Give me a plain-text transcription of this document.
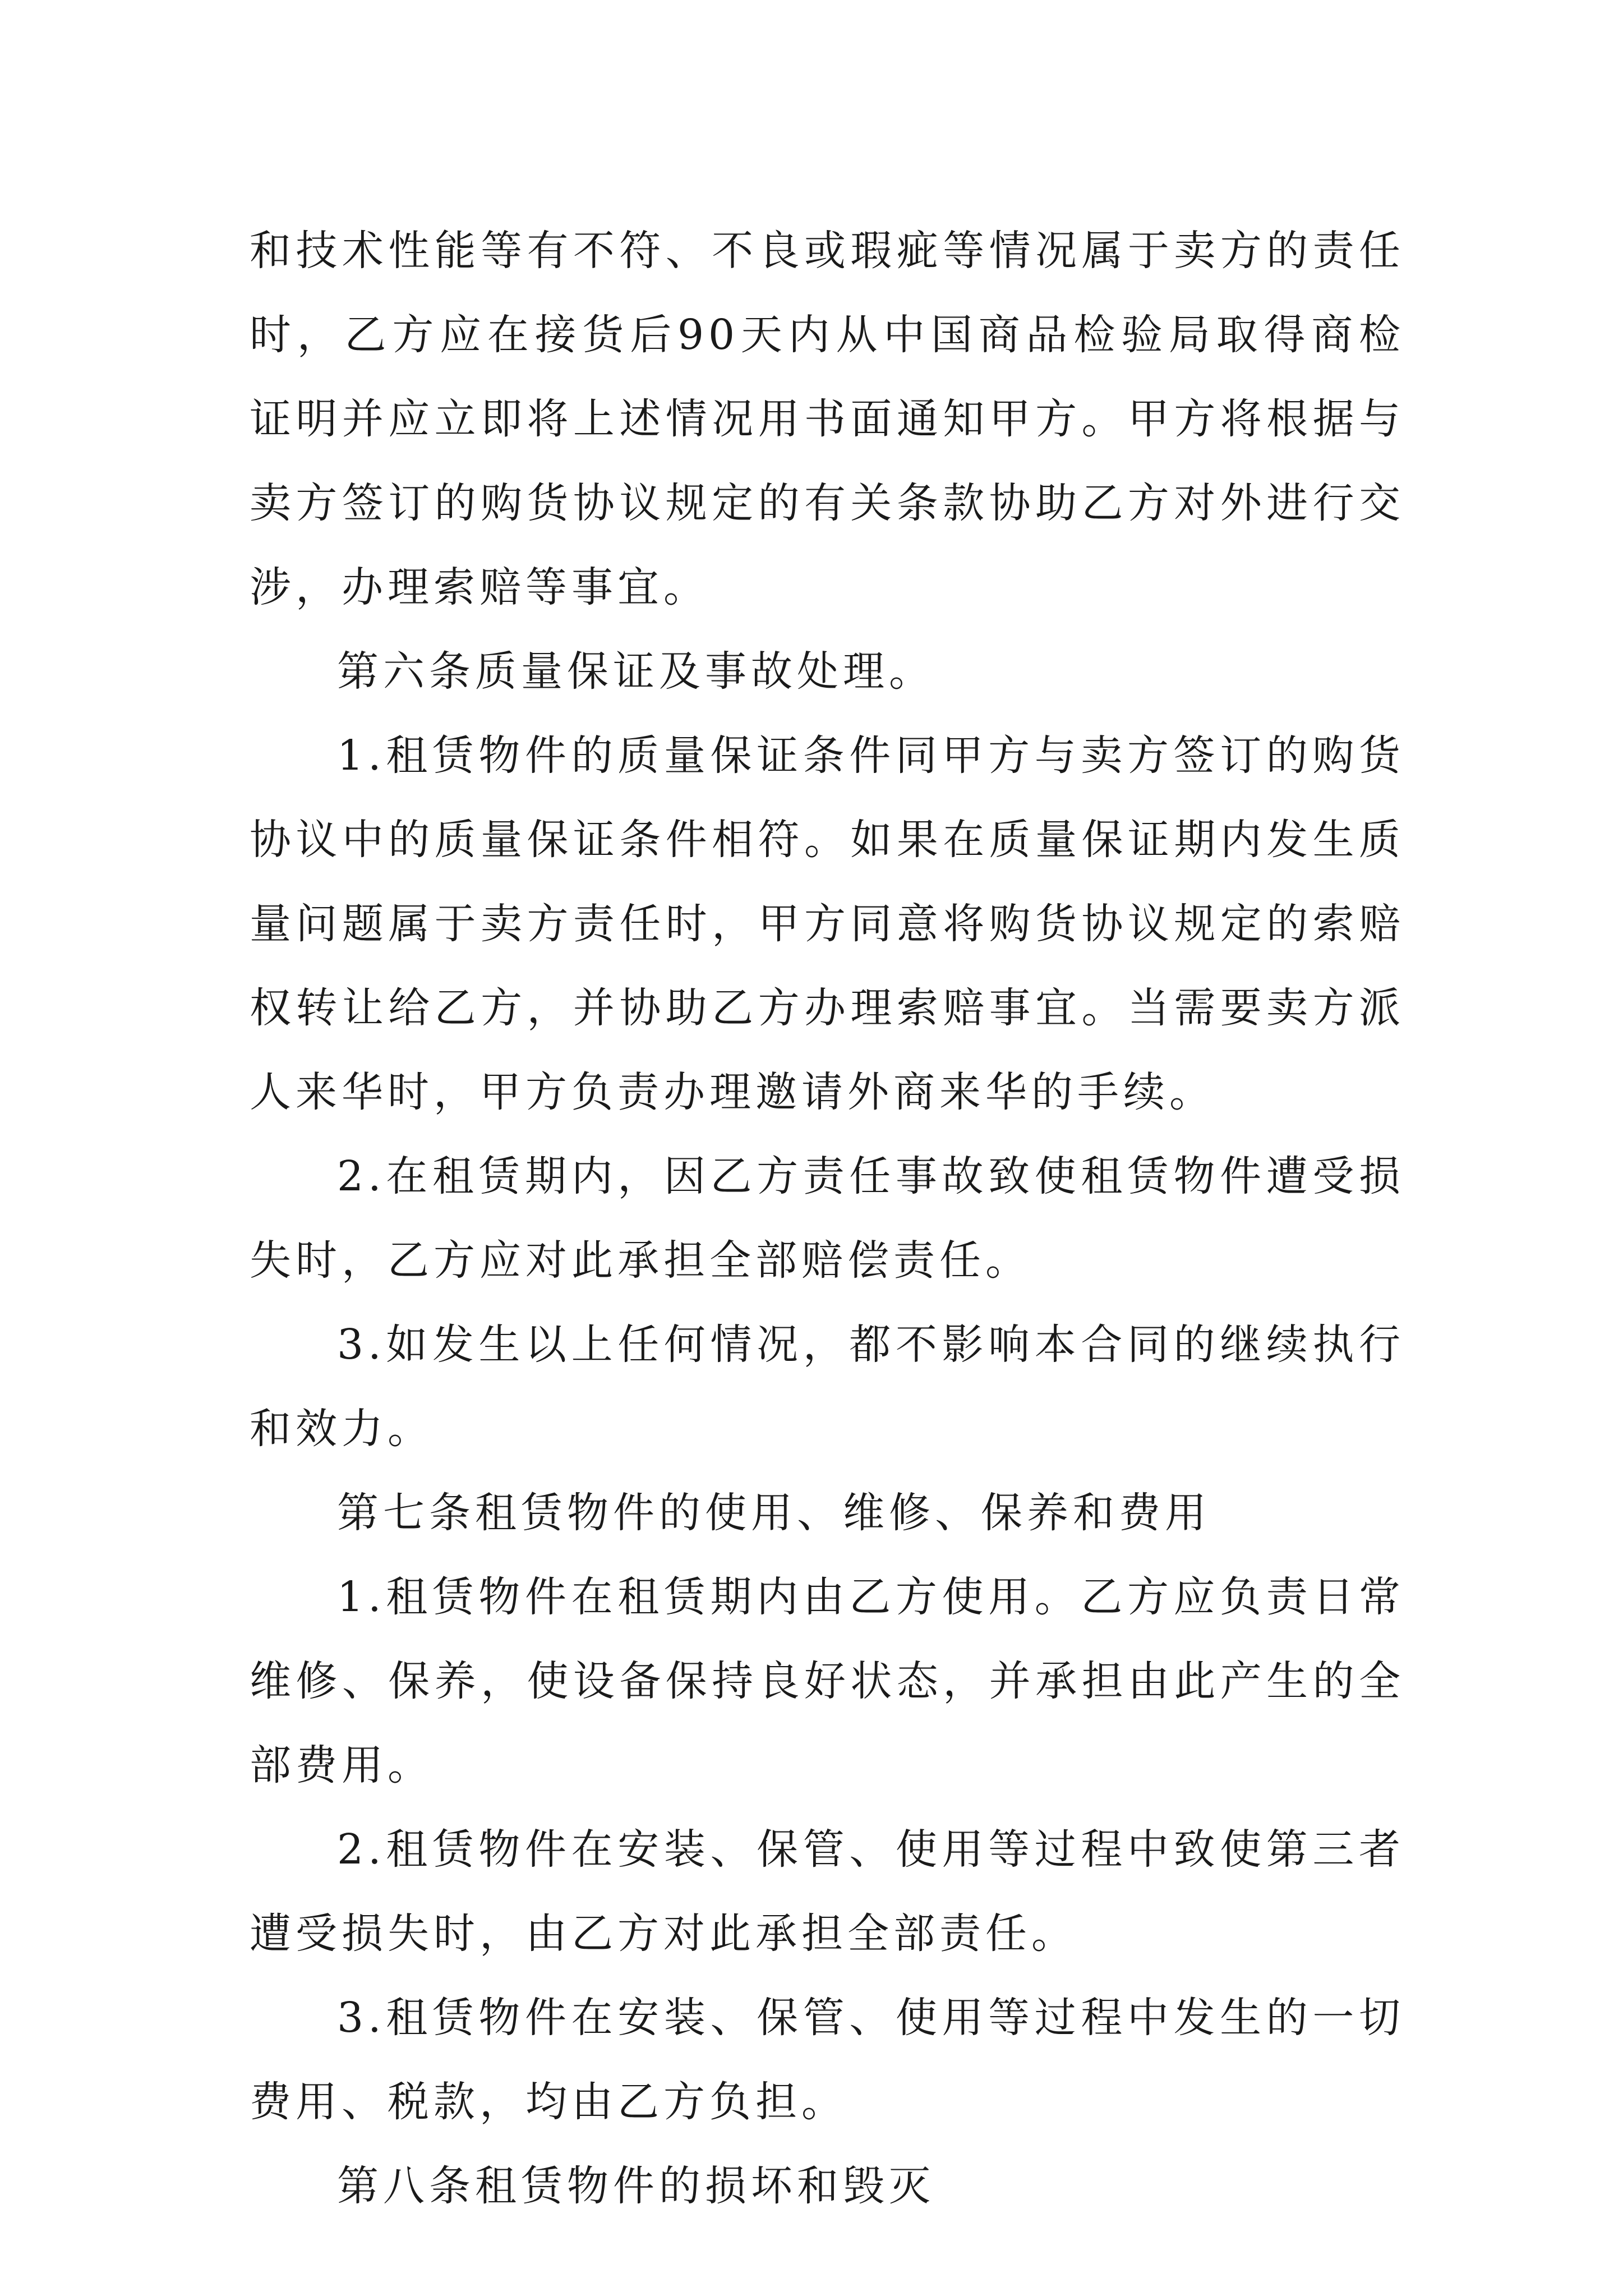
和技术性能等有不符、不良或瑕疵等情况属于卖方的责任时，乙方应在接货后90天内从中国商品检验局取得商检证明并应立即将上述情况用书面通知甲方。甲方将根据与卖方签订的购货协议规定的有关条款协助乙方对外进行交涉，办理索赔等事宜。

第六条质量保证及事故处理。

1.租赁物件的质量保证条件同甲方与卖方签订的购货协议中的质量保证条件相符。如果在质量保证期内发生质量问题属于卖方责任时，甲方同意将购货协议规定的索赔权转让给乙方，并协助乙方办理索赔事宜。当需要卖方派人来华时，甲方负责办理邀请外商来华的手续。

2.在租赁期内，因乙方责任事故致使租赁物件遭受损失时，乙方应对此承担全部赔偿责任。

3.如发生以上任何情况，都不影响本合同的继续执行和效力。

第七条租赁物件的使用、维修、保养和费用

1.租赁物件在租赁期内由乙方使用。乙方应负责日常维修、保养，使设备保持良好状态，并承担由此产生的全部费用。

2.租赁物件在安装、保管、使用等过程中致使第三者遭受损失时，由乙方对此承担全部责任。

3.租赁物件在安装、保管、使用等过程中发生的一切费用、税款，均由乙方负担。

第八条租赁物件的损坏和毁灭
